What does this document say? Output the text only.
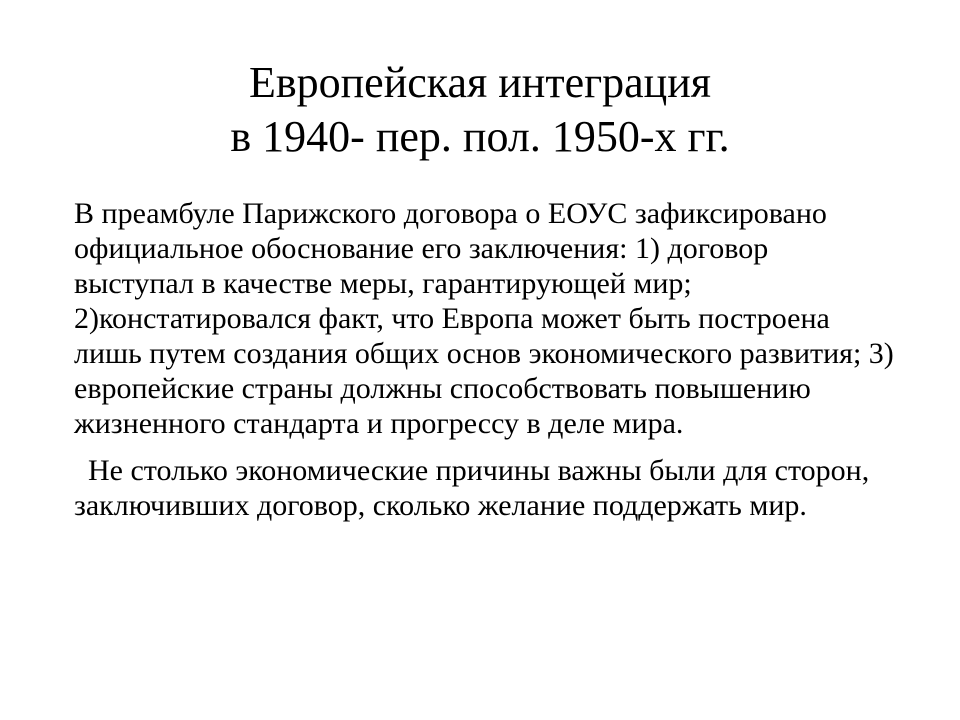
Европейская интеграция
в 1940- пер. пол. 1950-х гг.

В преамбуле Парижского договора о ЕОУС зафиксировано официальное обоснование его заключения: 1) договор выступал в качестве меры, гарантирующей мир; 2)констатировался факт, что Европа может быть построена лишь путем создания общих основ экономического развития; 3) европейские страны должны способствовать повышению жизненного стандарта и прогрессу в деле мира.

Не столько экономические причины важны были для сторон, заключивших договор, сколько желание поддержать мир.
